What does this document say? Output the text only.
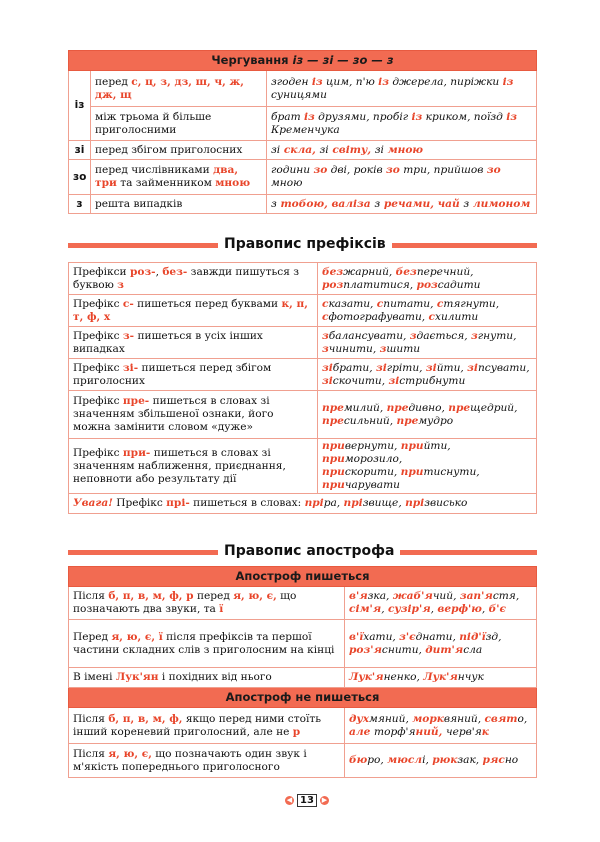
Чергування із — зі — зо — з		
із	перед с, ц, з, дз, ш, ч, ж, дж, щ	згоден із цим, п'ю із джерела, пиріжки із суницями
	між трьома й більше приголосними	брат із друзями, пробіг із криком, поїзд із Кременчука
зі	перед збігом приголосних	зі скла, зі світу, зі мною
зо	перед числівниками два, три та займенником мною	години зо дві, років зо три, прийшов зо мною
з	решта випадків	з тобою, валіза з речами, чай з лимоном
Правопис префіксів
Префікси роз-, без- завжди пишуться з буквою з	безжарний, безперечний,
розплатитися, розсадити
Префікс с- пишеться перед буквами к, п, т, ф, х	сказати, спитати, стягнути,
сфотографувати, схилити
Префікс з- пишеться в усіх інших випадках	збалансувати, здається, згнути,
зчинити, зшити
Префікс зі- пишеться перед збігом приголосних	зібрати, зігріти, зійти, зіпсувати,
зіскочити, зістрибнути
Префікс пре- пишеться в словах зі значенням збільшеної ознаки, його можна замінити словом «дуже»	премилий, предивно, прещедрий,
пресильний, премудро
Префікс при- пишеться в словах зі значенням наближення, приєднання, неповноти або результату дії	привернути, прийти, приморозило,
прискорити, притиснути,
причарувати
Увага! Префікс прі- пишеться в словах: пріра, прізвище, прізвисько	
Правопис апострофа
Апостроф пишеться	
Після б, п, в, м, ф, р перед я, ю, є, що позначають два звуки, та ї	в'язка, жаб'ячий, зап'ястя,
сім'я, сузір'я, верф'ю, б'є
Перед я, ю, є, ї після префіксів та першої частини складних слів з приголосним на кінці	в'їхати, з'єднати, під'їзд,
роз'яснити, дит'ясла
В імені Лук'ян і похідних від нього	Лук'яненко, Лук'янчук
Апостроф не пишеться	
Після б, п, в, м, ф, якщо перед ними стоїть інший кореневий приголосний, але не р	духмяний, морквяний, свято,
але торф'яний, черв'як
Після я, ю, є, що позначають один звук і м'якість попереднього приголосного	бюро, мюслі, рюкзак, рясно
◀ 13 ▶
